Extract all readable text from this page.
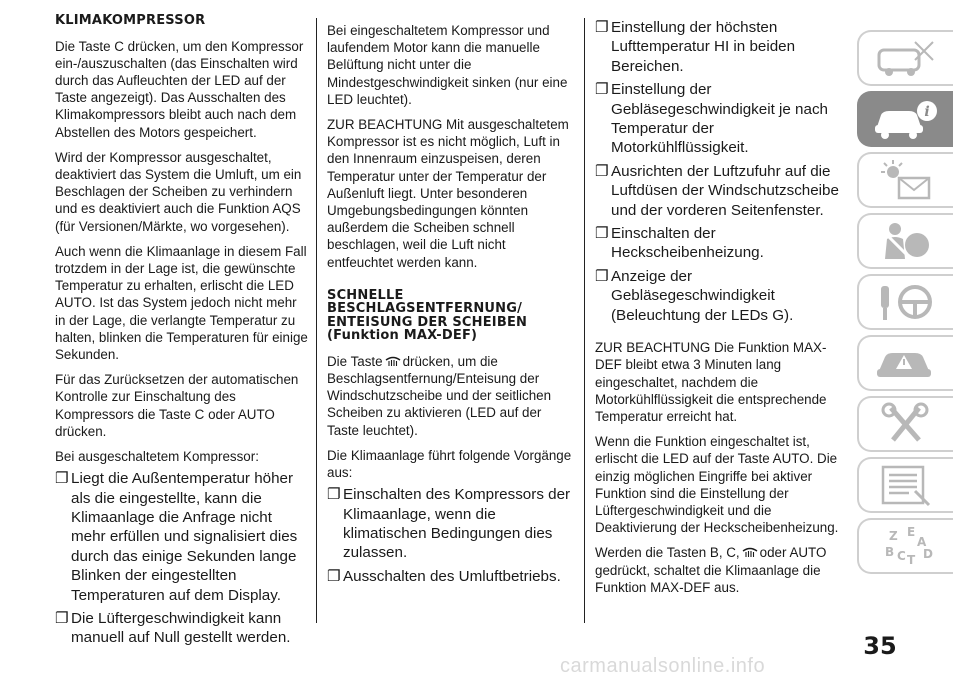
KLIMAKOMPRESSOR

Die Taste C drücken, um den Kompressor ein-/auszuschalten (das Einschalten wird durch das Aufleuchten der LED auf der Taste angezeigt). Das Ausschalten des Klimakompressors bleibt auch nach dem Abstellen des Motors gespeichert.

Wird der Kompressor ausgeschaltet, deaktiviert das System die Umluft, um ein Beschlagen der Scheiben zu verhindern und es deaktiviert auch die Funktion AQS (für Versionen/Märkte, wo vorgesehen).

Auch wenn die Klimaanlage in diesem Fall trotzdem in der Lage ist, die gewünschte Temperatur zu erhalten, erlischt die LED AUTO. Ist das System jedoch nicht mehr in der Lage, die verlangte Temperatur zu halten, blinken die Temperaturen für einige Sekunden.

Für das Zurücksetzen der automatischen Kontrolle zur Einschaltung des Kompressors die Taste C oder AUTO drücken.

Bei ausgeschaltetem Kompressor:

❐ Liegt die Außentemperatur höher als die eingestellte, kann die Klimaanlage die Anfrage nicht mehr erfüllen und signalisiert dies durch das einige Sekunden lange Blinken der eingestellten Temperaturen auf dem Display.
❐ Die Lüftergeschwindigkeit kann manuell auf Null gestellt werden.

Bei eingeschaltetem Kompressor und laufendem Motor kann die manuelle Belüftung nicht unter die Mindestgeschwindigkeit sinken (nur eine LED leuchtet).

ZUR BEACHTUNG Mit ausgeschaltetem Kompressor ist es nicht möglich, Luft in den Innenraum einzuspeisen, deren Temperatur unter der Temperatur der Außenluft liegt. Unter besonderen Umgebungsbedingungen könnten außerdem die Scheiben schnell beschlagen, weil die Luft nicht entfeuchtet werden kann.

SCHNELLE BESCHLAGSENTFERNUNG/ ENTEISUNG DER SCHEIBEN (Funktion MAX-DEF)

Die Taste drücken, um die Beschlagsentfernung/Enteisung der Windschutzscheibe und der seitlichen Scheiben zu aktivieren (LED auf der Taste leuchtet).

Die Klimaanlage führt folgende Vorgänge aus:

❐ Einschalten des Kompressors der Klimaanlage, wenn die klimatischen Bedingungen dies zulassen.
❐ Ausschalten des Umluftbetriebs.
❐ Einstellung der höchsten Lufttemperatur HI in beiden Bereichen.
❐ Einstellung der Gebläsegeschwindigkeit je nach Temperatur der Motorkühlflüssigkeit.
❐ Ausrichten der Luftzufuhr auf die Luftdüsen der Windschutzscheibe und der vorderen Seitenfenster.
❐ Einschalten der Heckscheibenheizung.
❐ Anzeige der Gebläsegeschwindigkeit (Beleuchtung der LEDs G).

ZUR BEACHTUNG Die Funktion MAX-DEF bleibt etwa 3 Minuten lang eingeschaltet, nachdem die Motorkühlflüssigkeit die entsprechende Temperatur erreicht hat.

Wenn die Funktion eingeschaltet ist, erlischt die LED auf der Taste AUTO. Die einzig möglichen Eingriffe bei aktiver Funktion sind die Einstellung der Lüftergeschwindigkeit und die Deaktivierung der Heckscheibenheizung.

Werden die Tasten B, C, oder AUTO gedrückt, schaltet die Klimaanlage die Funktion MAX-DEF aus.

i
Z E
A
B C T D
35
carmanualsonline.info
